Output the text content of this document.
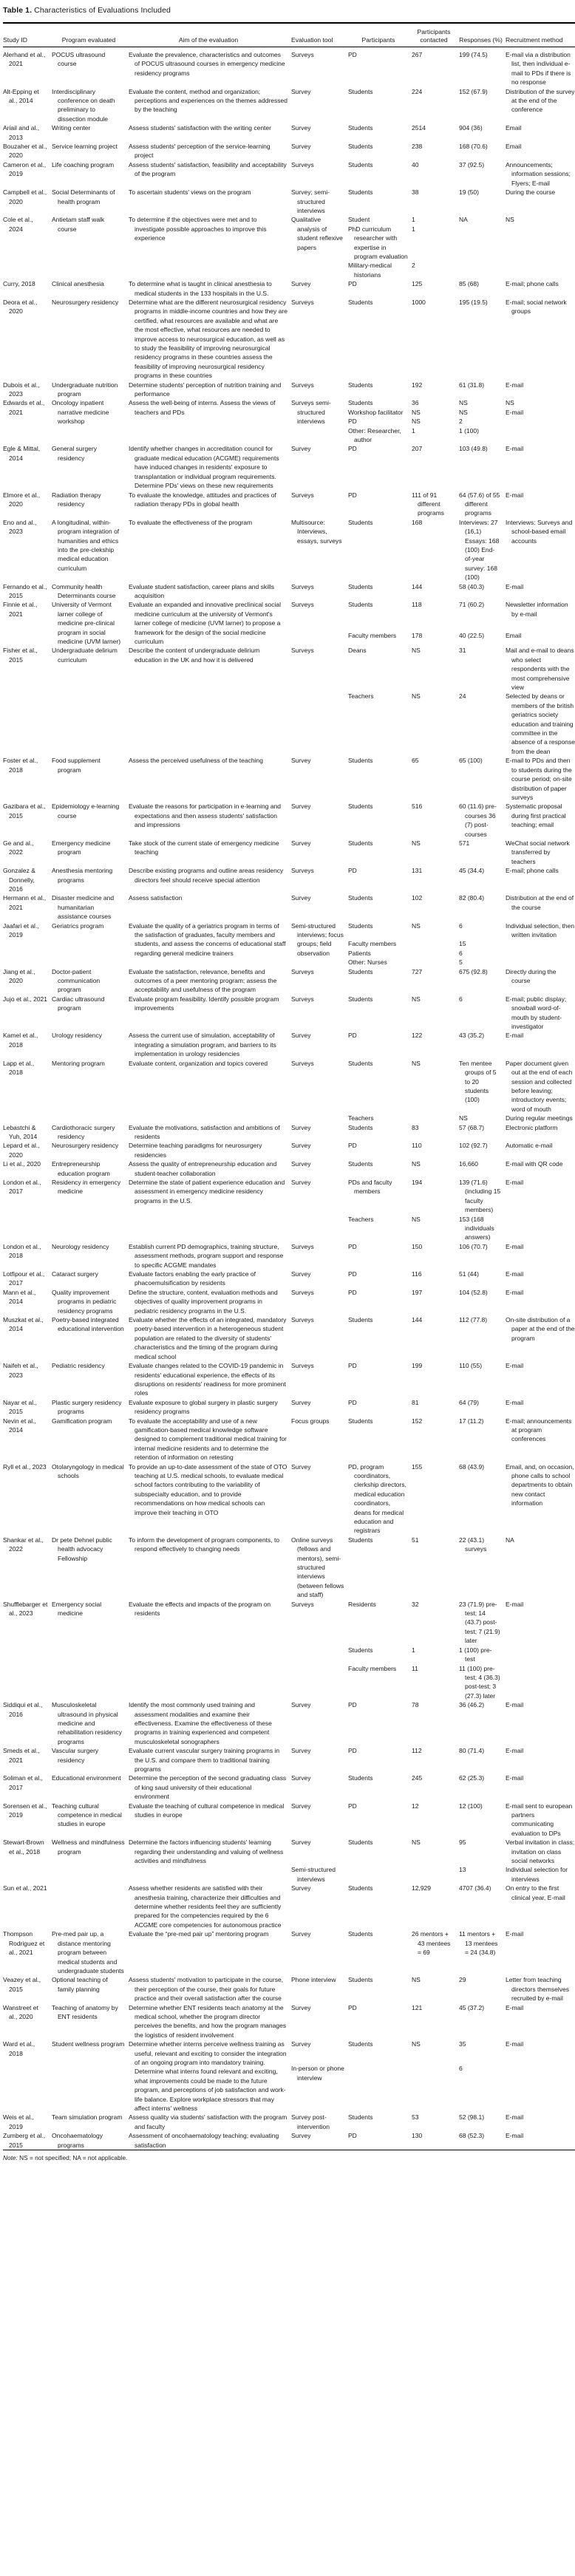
Table 1. Characteristics of Evaluations Included
Study ID	Program evaluated	Aim of the evaluation	Evaluation tool	Participants	Participants contacted	Responses (%)	Recruitment method
Alerhand et al., 2021	POCUS ultrasound course	Evaluate the prevalence, characteristics and outcomes of POCUS ultrasound courses in emergency medicine residency programs	Surveys	PD	267	199 (74.5)	E-mail via a distribution list, then individual e-mail to PDs if there is no response
Alt-Epping et al., 2014	Interdisciplinary conference on death preliminary to dissection module	Evaluate the content, method and organization; perceptions and experiences on the themes addressed by the teaching	Survey	Students	224	152 (67.9)	Distribution of the survey at the end of the conference
Ariail and al., 2013	Writing center	Assess students' satisfaction with the writing center	Survey	Students	2514	904 (36)	Email
Bouzaher et al., 2020	Service learning project	Assess students' perception of the service-learning project	Survey	Students	238	168 (70.6)	Email
Cameron et al., 2019	Life coaching program	Assess students' satisfaction, feasibility and acceptability of the program	Surveys	Students	40	37 (92.5)	Announcements; information sessions; Flyers; E-mail
Campbell et al., 2020	Social Determinants of health program	To ascertain students' views on the program	Survey; semi-structured interviews	Students	38	19 (50)	During the course
Cole et al., 2024	Antietam staff walk course	To determine if the objectives were met and to investigate possible approaches to improve this experience	Qualitative analysis of student reflexive papers	Student	1	NA	NS
				PhD curriculum researcher with expertise in program evaluation	1		
				Military-medical historians	2		
Curry, 2018	Clinical anesthesia	To determine what is taught in clinical anesthesia to medical students in the 133 hospitals in the U.S.	Survey	PD	125	85 (68)	E-mail; phone calls
Deora et al., 2020	Neurosurgery residency	Determine what are the different neurosurgical residency programs in middle-income countries and how they are certified, what resources are available and what are the most effective, what resources are needed to improve access to neurosurgical education, as well as to study the feasibility of improving neurosurgical residency programs in these countries assess the feasibility of improving neurosurgical residency programs in these countries	Surveys	Students	1000	195 (19.5)	E-mail; social network groups
Dubois et al., 2023	Undergraduate nutrition program	Determine students' perception of nutrition training and performance	Surveys	Students	192	61 (31.8)	E-mail
Edwards et al., 2021	Oncology inpatient narrative medicine workshop	Assess the well-being of interns. Assess the views of teachers and PDs	Surveys semi-structured interviews	Students	36	NS	NS
				Workshop facilitator	NS	NS	E-mail
				PD	NS	2	
				Other: Researcher, author	1	1 (100)	
Egle & Mittal, 2014	General surgery residency	Identify whether changes in accreditation council for graduate medical education (ACGME) requirements have induced changes in residents' exposure to transplantation or individual program requirements. Determine PDs' views on these new requirements	Survey	PD	207	103 (49.8)	E-mail
Elmore et al., 2020	Radiation therapy residency	To evaluate the knowledge, attitudes and practices of radiation therapy PDs in global health	Surveys	PD	111 of 91 different programs	64 (57.6) of 55 different programs	E-mail
Eno and al., 2023	A longitudinal, within-program integration of humanities and ethics into the pre-clekship medical education curriculum	To evaluate the effectiveness of the program	Multisource: Interviews, essays, surveys	Students	168	Interviews: 27 (16,1) Essays: 168 (100) End-of-year survey: 168 (100)	Interviews: Surveys and school-based email accounts
Fernando et al., 2015	Community health Determinants course	Evaluate student satisfaction, career plans and skills acquisition	Surveys	Students	144	58 (40.3)	E-mail
Finnie et al., 2021	University of Vermont larner college of medicine pre-clinical program in social medicine (UVM larner)	Evaluate an expanded and innovative preclinical social medicine curriculum at the university of Vermont's larner college of medicine (UVM larner) to propose a framework for the design of the social medicine curriculum	Surveys	Students	118	71 (60.2)	Newsletter information by e-mail
				Faculty members	178	40 (22.5)	Email
Fisher et al., 2015	Undergraduate delirium curriculum	Describe the content of undergraduate delirium education in the UK and how it is delivered	Surveys	Deans	NS	31	Mail and e-mail to deans who select respondents with the most comprehensive view
				Teachers	NS	24	Selected by deans or members of the british geriatrics society education and training committee in the absence of a response from the dean
Foster et al., 2018	Food supplement program	Assess the perceived usefulness of the teaching	Survey	Students	65	65 (100)	E-mail to PDs and then to students during the course period; on-site distribution of paper surveys
Gazibara et al., 2015	Epidemiology e-learning course	Evaluate the reasons for participation in e-learning and expectations and then assess students' satisfaction and impressions	Survey	Students	516	60 (11.6) pre-courses 36 (7) post-courses	Systematic proposal during first practical teaching; email
Ge and al., 2022	Emergency medicine program	Take stock of the current state of emergency medicine teaching	Survey	Students	NS	571	WeChat social network transferred by teachers
Gonzalez & Donnelly, 2016	Anesthesia mentoring programs	Describe existing programs and outline areas residency directors feel should receive special attention	Surveys	PD	131	45 (34.4)	E-mail; phone calls
Hermann et al., 2021	Disaster medicine and humanitarian assistance courses	Assess satisfaction	Survey	Students	102	82 (80.4)	Distribution at the end of the course
Jaafari et al., 2019	Geriatrics program	Evaluate the quality of a geriatrics program in terms of the satisfaction of graduates, faculty members and students, and assess the concerns of educational staff regarding general medicine trainers	Semi-structured interviews; focus groups; field observation	Students	NS	6	Individual selection, then written invitation
				Faculty members		15	
				Patients		6	
				Other: Nurses		5	
Jiang et al., 2020	Doctor-patient communication program	Evaluate the satisfaction, relevance, benefits and outcomes of a peer mentoring program; assess the acceptability and usefulness of the program	Surveys	Students	727	675 (92.8)	Directly during the course
Jujo et al., 2021	Cardiac ultrasound program	Evaluate program feasibility. Identify possible program improvements	Surveys	Students	NS	6	E-mail; public display; snowball word-of-mouth by student-investigator
Kamel et al., 2018	Urology residency	Assess the current use of simulation, acceptability of integrating a simulation program, and barriers to its implementation in urology residencies	Survey	PD	122	43 (35.2)	E-mail
Lapp et al., 2018	Mentoring program	Evaluate content, organization and topics covered	Surveys	Students	NS	Ten mentee groups of 5 to 20 students (100)	Paper document given out at the end of each session and collected before leaving; introductory events; word of mouth
				Teachers		NS	During regular meetings
Lebastchi & Yuh, 2014	Cardiothoracic surgery residency	Evaluate the motivations, satisfaction and ambitions of residents	Survey	Students	83	57 (68.7)	Electronic platform
Lepard et al., 2020	Neurosurgery residency	Determine teaching paradigms for neurosurgery residencies	Survey	PD	110	102 (92.7)	Automatic e-mail
Li et al., 2020	Entrepreneurship education program	Assess the quality of entrepreneurship education and student-teacher collaboration	Survey	Students	NS	16,660	E-mail with QR code
London et al., 2017	Residency in emergency medicine	Determine the state of patient experience education and assessment in emergency medicine residency programs in the U.S.	Survey	PDs and faculty members	194	139 (71.6) (including 15 faculty members)	E-mail
				Teachers	NS	153 (168 individuals answers)	
London et al., 2018	Neurology residency	Establish current PD demographics, training structure, assessment methods, program support and response to specific ACGME mandates	Surveys	PD	150	106 (70.7)	E-mail
Lotfipour et al., 2017	Cataract surgery	Evaluate factors enabling the early practice of phacoemulsification by residents	Survey	PD	116	51 (44)	E-mail
Mann et al., 2014	Quality improvement programs in pediatric residency programs	Define the structure, content, evaluation methods and objectives of quality improvement programs in pediatric residency programs in the U.S.	Surveys	PD	197	104 (52.8)	E-mail
Muszkat et al., 2014	Poetry-based integrated educational intervention	Evaluate whether the effects of an integrated, mandatory poetry-based intervention in a heterogeneous student population are related to the diversity of students' characteristics and the timing of the program during medical school	Surveys	Students	144	112 (77.8)	On-site distribution of a paper at the end of the program
Naifeh et al., 2023	Pediatric residency	Evaluate changes related to the COVID-19 pandemic in residents' educational experience, the effects of its disruptions on residents' readiness for more prominent roles	Surveys	PD	199	110 (55)	E-mail
Nayar et al., 2015	Plastic surgery residency programs	Evaluate exposure to global surgery in plastic surgery residency programs	Survey	PD	81	64 (79)	E-mail
Nevin et al., 2014	Gamification program	To evaluate the acceptability and use of a new gamification-based medical knowledge software designed to complement traditional medical training for internal medicine residents and to determine the retention of information on retesting	Focus groups	Students	152	17 (11.2)	E-mail; announcements at program conferences
Ryll et al., 2023	Otolaryngology in medical schools	To provide an up-to-date assessment of the state of OTO teaching at U.S. medical schools, to evaluate medical school factors contributing to the variability of subspecialty education, and to provide recommendations on how medical schools can improve their teaching in OTO	Survey	PD, program coordinators, clerkship directors, medical education coordinators, deans for medical education and registrars	155	68 (43.9)	Email, and, on occasion, phone calls to school departments to obtain new contact information
Shankar et al., 2022	Dr pete Dehnel public health advocacy Fellowship	To inform the development of program components, to respond effectively to changing needs	Online surveys (fellows and mentors), semi-structured interviews (between fellows and staff)	Students	51	22 (43.1) surveys	NA
Shufflebarger et al., 2023	Emergency social medicine	Evaluate the effects and impacts of the program on residents	Surveys	Residents	32	23 (71.9) pre-test; 14 (43.7) post-test; 7 (21.9) later	E-mail
				Students	1	1 (100) pre-test	
				Faculty members	11	11 (100) pre-test; 4 (36.3) post-test; 3 (27.3) later	
Siddiqui et al., 2016	Musculoskeletal ultrasound in physical medicine and rehabilitation residency programs	Identify the most commonly used training and assessment modalities and examine their effectiveness. Examine the effectiveness of these programs in training experienced and competent musculoskeletal sonographers	Survey	PD	78	36 (46.2)	E-mail
Smeds et al., 2021	Vascular surgery residency	Evaluate current vascular surgery training programs in the U.S. and compare them to traditional training programs	Survey	PD	112	80 (71.4)	E-mail
Soliman et al., 2017	Educational environment	Determine the perception of the second graduating class of king saud university of their educational environment	Survey	Students	245	62 (25.3)	E-mail
Sorensen et al., 2019	Teaching cultural competence in medical studies in europe	Evaluate the teaching of cultural competence in medical studies in europe	Survey	PD	12	12 (100)	E-mail sent to european partners communicating evaluation to DPs
Stewart-Brown et al., 2018	Wellness and mindfulness program	Determine the factors influencing students' learning regarding their understanding and valuing of wellness activities and mindfulness	Survey	Students	NS	95	Verbal invitation in class; invitation on class social networks
			Semi-structured interviews			13	Individual selection for interviews
Sun et al., 2021		Assess whether residents are satisfied with their anesthesia training, characterize their difficulties and determine whether residents feel they are sufficiently prepared for the competencies required by the 6 ACGME core competencies for autonomous practice	Survey	Students	12,929	4707 (36.4)	On entry to the first clinical year, E-mail
Thompson Rodriguez et al., 2021	Pre-med pair up, a distance mentoring program between medical students and undergraduate students	Evaluate the “pre-med pair up” mentoring program	Survey	Students	26 mentors + 43 mentees = 69	11 mentors + 13 mentees = 24 (34.8)	E-mail
Veazey et al., 2015	Optional teaching of family planning	Assess students' motivation to participate in the course, their perception of the course, their goals for future practice and their overall satisfaction after the course	Phone interview	Students	NS	29	Letter from teaching directors themselves recruited by e-mail
Wanstreet et al., 2020	Teaching of anatomy by ENT residents	Determine whether ENT residents teach anatomy at the medical school, whether the program director perceives the benefits, and how the program manages the logistics of resident involvement	Survey	PD	121	45 (37.2)	E-mail
Ward et al., 2018	Student wellness program	Determine whether interns perceive wellness training as useful, relevant and exciting to consider the integration of an ongoing program into mandatory training. Determine what interns found relevant and exciting, what improvements could be made to the future program, and perceptions of job satisfaction and work-life balance. Explore workplace stressors that may affect interns' wellness	Survey	Students	NS	35	E-mail
			In-person or phone interview			6	
Weis et al., 2019	Team simulation program	Assess quality via students' satisfaction with the program and faculty	Survey post-intervention	Students	53	52 (98.1)	E-mail
Zumberg et al., 2015	Oncohaematology programs	Assessment of oncohaematology teaching; evaluating satisfaction	Survey	PD	130	68 (52.3)	E-mail
Note: NS = not specified; NA = not applicable.
